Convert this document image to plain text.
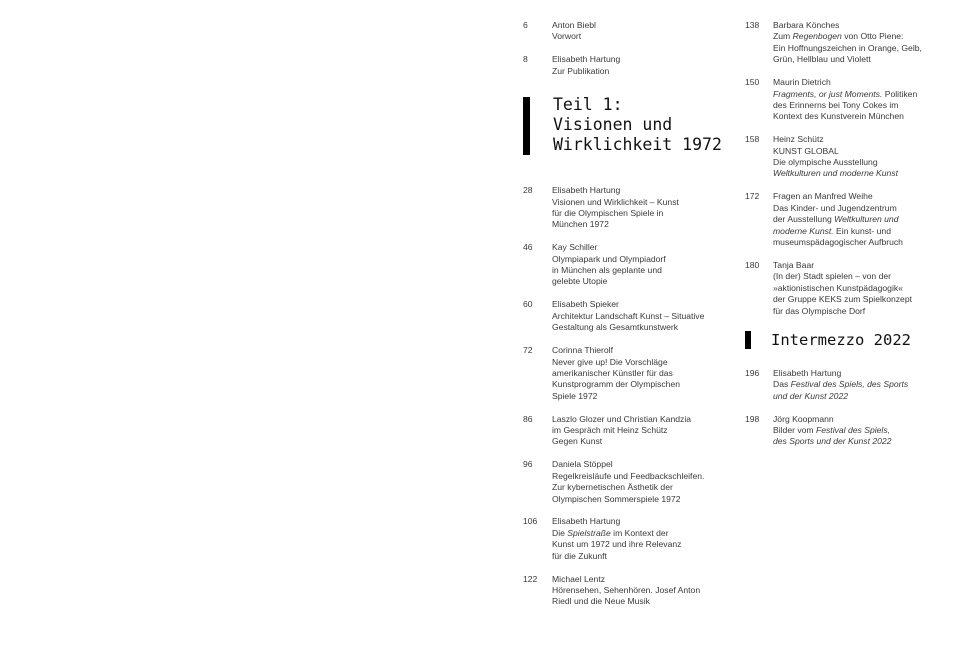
6	Anton Biebl
Vorwort
8	Elisabeth Hartung
Zur Publikation
Teil 1:
Visionen und
Wirklichkeit 1972
28 Elisabeth Hartung
Visionen und Wirklichkeit – Kunst
für die Olympischen Spiele in
München 1972
46 Kay Schiller
Olympiapark und Olympiadorf
in München als geplante und
gelebte Utopie
60 Elisabeth Spieker
Architektur Landschaft Kunst – Situative
Gestaltung als Gesamtkunstwerk
72 Corinna Thierolf
Never give up! Die Vorschläge
amerikanischer Künstler für das
Kunstprogramm der Olympischen
Spiele 1972
86 Laszlo Glozer und Christian Kandzia
im Gespräch mit Heinz Schütz
Gegen Kunst
96 Daniela Stöppel
Regelkreisläufe und Feedbackschleifen.
Zur kybernetischen Ästhetik der
Olympischen Sommerspiele 1972
106 Elisabeth Hartung
Die Spielstraße im Kontext der
Kunst um 1972 und ihre Relevanz
für die Zukunft
122 Michael Lentz
Hörensehen, Sehenhören. Josef Anton
Riedl und die Neue Musik
138 Barbara Könches
Zum Regenbogen von Otto Piene:
Ein Hoffnungszeichen in Orange, Gelb,
Grün, Hellblau und Violett
150 Maurin Dietrich
Fragments, or just Moments. Politiken
des Erinnerns bei Tony Cokes im
Kontext des Kunstverein München
158 Heinz Schütz
KUNST GLOBAL
Die olympische Ausstellung
Weltkulturen und moderne Kunst
172 Fragen an Manfred Weihe
Das Kinder- und Jugendzentrum
der Ausstellung Weltkulturen und
moderne Kunst. Ein kunst- und
museumspädagogischer Aufbruch
180 Tanja Baar
(In der) Stadt spielen – von der
»aktionistischen Kunstpädagogik«
der Gruppe KEKS zum Spielkonzept
für das Olympische Dorf
Intermezzo 2022
196 Elisabeth Hartung
Das Festival des Spiels, des Sports
und der Kunst 2022
198 Jörg Koopmann
Bilder vom Festival des Spiels,
des Sports und der Kunst 2022
